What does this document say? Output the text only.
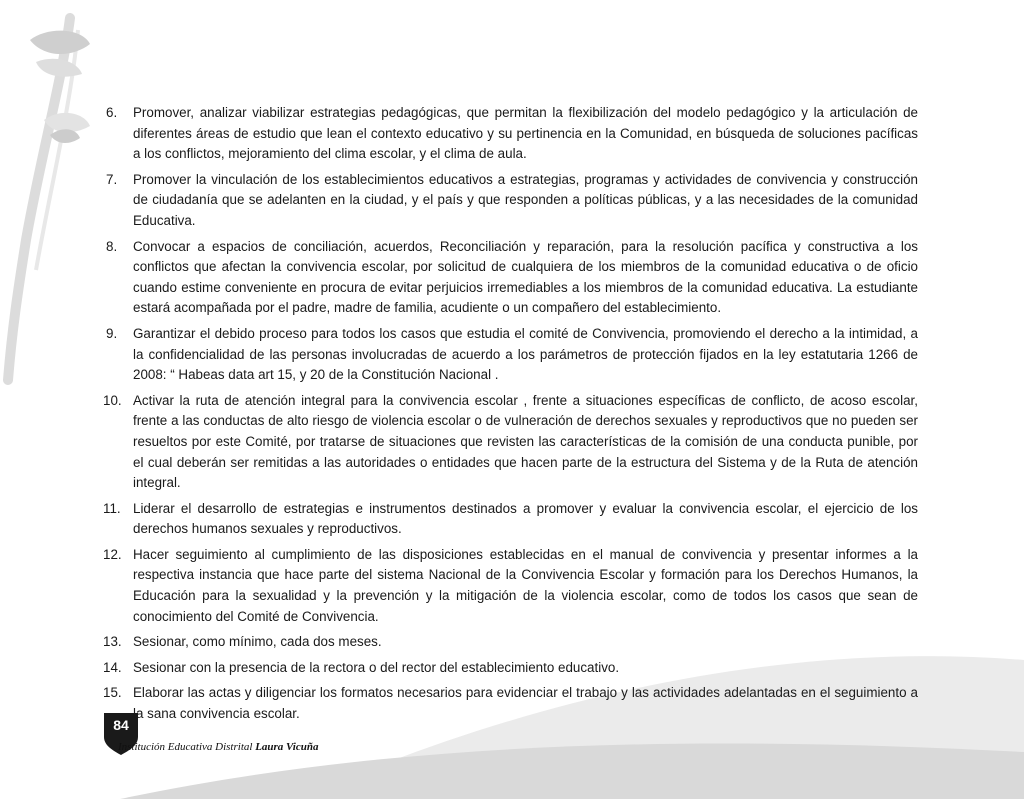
6.	Promover, analizar viabilizar estrategias pedagógicas, que permitan la flexibilización del modelo pedagógico y la articulación de diferentes áreas de estudio que lean el contexto educativo y su pertinencia en la Comunidad, en búsqueda de soluciones pacíficas a los conflictos, mejoramiento del clima escolar, y el clima de aula.
7.	Promover la vinculación de los establecimientos educativos a estrategias, programas y actividades de convivencia y construcción de ciudadanía que se adelanten en la ciudad, y el país y que responden a políticas públicas, y a las necesidades de la comunidad Educativa.
8.	Convocar a espacios de conciliación, acuerdos, Reconciliación y reparación, para la resolución pacífica y constructiva a los conflictos que afectan la convivencia escolar, por solicitud de cualquiera de los miembros de la comunidad educativa o de oficio cuando estime conveniente en procura de evitar perjuicios irremediables a los miembros de la comunidad educativa. La estudiante estará acompañada por el padre, madre de familia, acudiente o un compañero del establecimiento.
9.	Garantizar el debido proceso para todos los casos que estudia el comité de Convivencia, promoviendo el derecho a la intimidad, a la confidencialidad de las personas involucradas de acuerdo a los parámetros de protección fijados en la ley estatutaria 1266 de 2008: “ Habeas data art 15, y 20 de la Constitución Nacional .
10. Activar la ruta de atención integral para la convivencia escolar , frente a situaciones específicas de conflicto, de acoso escolar, frente a las conductas de alto riesgo de violencia escolar o de vulneración de derechos sexuales y reproductivos que no pueden ser resueltos por este Comité, por tratarse de situaciones que revisten las características de la comisión de una conducta punible, por el cual deberán ser remitidas a las autoridades o entidades que hacen parte de la estructura del Sistema y de la Ruta de atención integral.
11. Liderar el desarrollo de estrategias e instrumentos destinados a promover y evaluar la convivencia escolar, el ejercicio de los derechos humanos sexuales y reproductivos.
12. Hacer seguimiento al cumplimiento de las disposiciones establecidas en el manual de convivencia y presentar informes a la respectiva instancia que hace parte del sistema Nacional de la Convivencia Escolar y formación para los Derechos Humanos, la Educación para la sexualidad y la prevención y la mitigación de la violencia escolar, como de todos los casos que sean de conocimiento del Comité de Convivencia.
13. Sesionar, como mínimo, cada dos meses.
14. Sesionar con la presencia de la rectora o del rector del establecimiento educativo.
15. Elaborar las actas y diligenciar los formatos necesarios para evidenciar el trabajo y las actividades adelantadas en el seguimiento a la sana convivencia escolar.
84
Institución Educativa Distrital Laura Vicuña
